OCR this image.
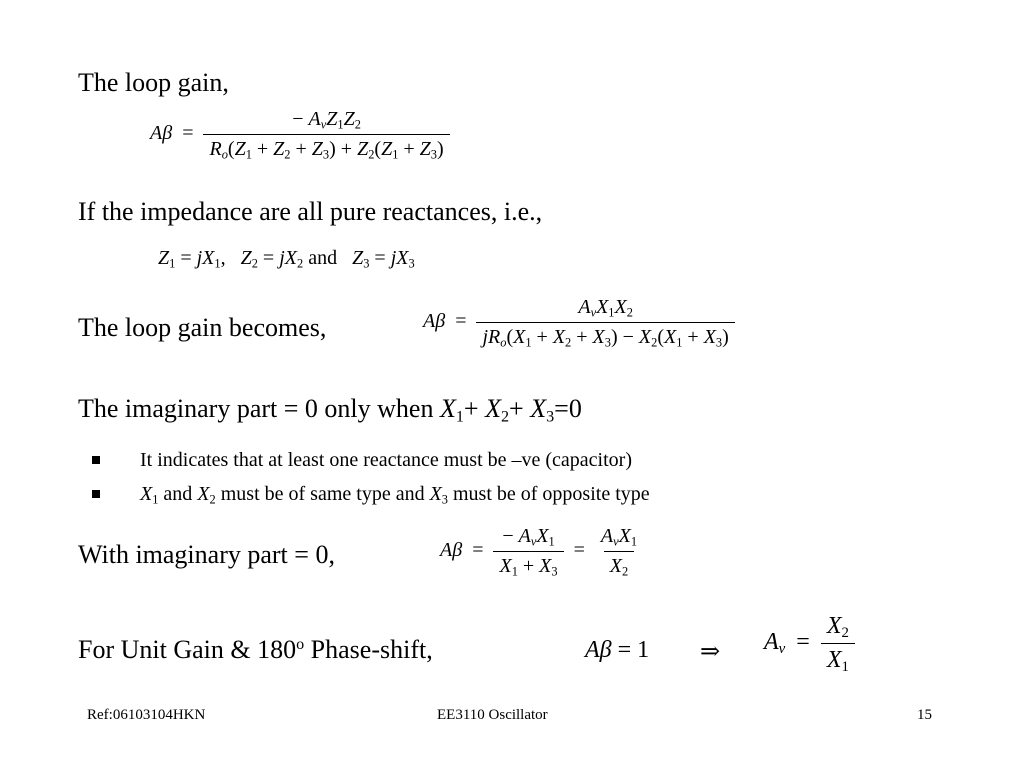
The loop gain,
$A\beta = \frac{- A_vZ_1Z_2}{R_o(Z_1 + Z_2 + Z_3) + Z_2(Z_1 + Z_3)}$
If the impedance are all pure reactances, i.e.,
$Z_1 = jX_1$,   $Z_2 = jX_2$ and $Z_3 = jX_3$
The loop gain becomes,	$A\beta = \frac{A_vX_1X_2}{jR_o(X_1 + X_2 + X_3) - X_2(X_1 + X_3)}$
The imaginary part = 0 only when $X_1+ X_2+ X_3=0$
It indicates that at least one reactance must be –ve (capacitor)
$X_1$ and $X_2$ must be of same type and $X_3$ must be of opposite type
With imaginary part = 0,	$A\beta = \frac{- A_vX_1}{X_1 + X_3} = \frac{A_vX_1}{X_2}$
For Unit Gain & 180$^o$ Phase-shift,	Aβ = 1 ⇒ $A_v = \frac{X_2}{X_1}$
Ref:06103104HKN	EE3110 Oscillator	15
